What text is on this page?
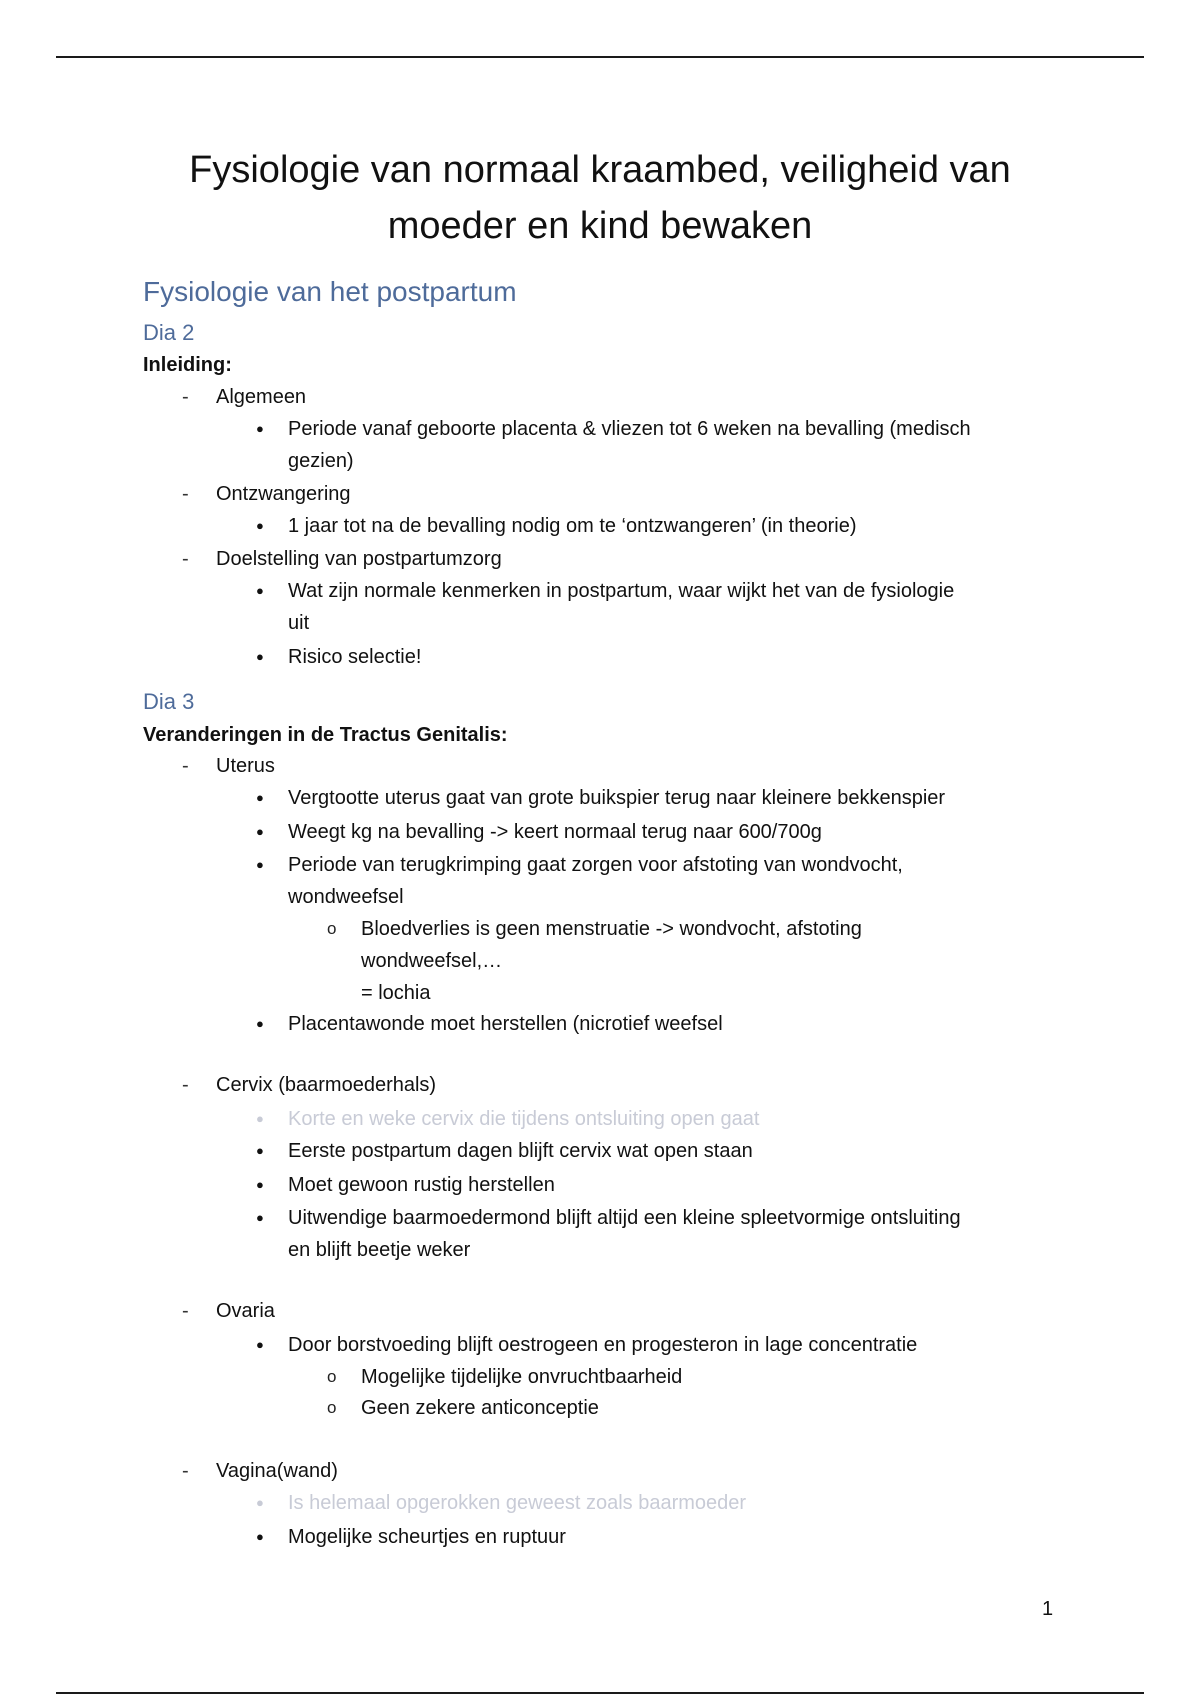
Fysiologie van normaal kraambed, veiligheid van
moeder en kind bewaken
Fysiologie van het postpartum
Dia 2
Inleiding:
- Algemeen
● Periode vanaf geboorte placenta & vliezen tot 6 weken na bevalling (medisch
gezien)
- Ontzwangering
● 1 jaar tot na de bevalling nodig om te ‘ontzwangeren’ (in theorie)
- Doelstelling van postpartumzorg
● Wat zijn normale kenmerken in postpartum, waar wijkt het van de fysiologie
uit
● Risico selectie!
Dia 3
Veranderingen in de Tractus Genitalis:
- Uterus
● Vergtootte uterus gaat van grote buikspier terug naar kleinere bekkenspier
● Weegt kg na bevalling -> keert normaal terug naar 600/700g
● Periode van terugkrimping gaat zorgen voor afstoting van wondvocht,
wondweefsel
o Bloedverlies is geen menstruatie -> wondvocht, afstoting
wondweefsel,…
= lochia
● Placentawonde moet herstellen (nicrotief weefsel
- Cervix (baarmoederhals)
● Korte en weke cervix die tijdens ontsluiting open gaat
● Eerste postpartum dagen blijft cervix wat open staan
● Moet gewoon rustig herstellen
● Uitwendige baarmoedermond blijft altijd een kleine spleetvormige ontsluiting
en blijft beetje weker
- Ovaria
● Door borstvoeding blijft oestrogeen en progesteron in lage concentratie
o Mogelijke tijdelijke onvruchtbaarheid
o Geen zekere anticonceptie
- Vagina(wand)
● Is helemaal opgerokken geweest zoals baarmoeder
● Mogelijke scheurtjes en ruptuur
1
